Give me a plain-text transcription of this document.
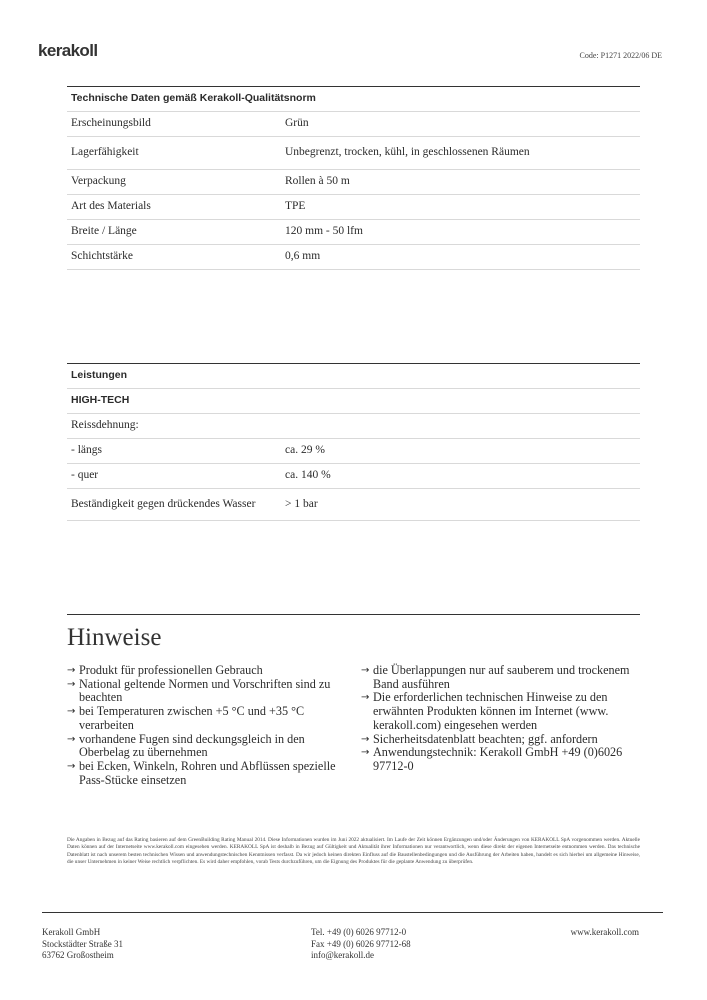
kerakoll	Code: P1271 2022/06 DE
Technische Daten gemäß Kerakoll-Qualitätsnorm	
Erscheinungsbild	Grün
Lagerfähigkeit	Unbegrenzt, trocken, kühl, in geschlossenen Räumen
Verpackung	Rollen à 50 m
Art des Materials	TPE
Breite / Länge	120 mm - 50 lfm
Schichtstärke	0,6 mm
Leistungen	
HIGH-TECH	
Reissdehnung:	
- längs	ca. 29 %
- quer	ca. 140 %
Beständigkeit gegen drückendes Wasser	> 1 bar
Hinweise
→ Produkt für professionellen Gebrauch
→ National geltende Normen und Vorschriften sind zu beachten
→ bei Temperaturen zwischen +5 °C und +35 °C verarbeiten
→ vorhandene Fugen sind deckungsgleich in den Oberbelag zu übernehmen
→ bei Ecken, Winkeln, Rohren und Abflüssen spezielle Pass-Stücke einsetzen
→ die Überlappungen nur auf sauberem und trockenem Band ausführen
→ Die erforderlichen technischen Hinweise zu den erwähnten Produkten können im Internet (www. kerakoll.com) eingesehen werden
→ Sicherheitsdatenblatt beachten; ggf. anfordern
→ Anwendungstechnik: Kerakoll GmbH +49 (0)6026 97712-0
Die Angaben in Bezug auf das Rating basieren auf dem GreenBuilding Rating Manual 2014. Diese Informationen wurden im Juni 2022 aktualisiert. Im Laufe der Zeit können Ergänzungen und/oder Änderungen von KERAKOLL SpA vorgenommen werden. Aktuelle Daten können auf der Internetseite www.kerakoll.com eingesehen werden. KERAKOLL SpA ist deshalb in Bezug auf Gültigkeit und Aktualität ihrer Informationen nur verantwortlich, wenn diese direkt der eigenen Internetseite entnommen werden. Das technische Datenblatt ist nach unserem besten technischen Wissen und anwendungstechnischen Kenntnissen verfasst. Da wir jedoch keinen direkten Einfluss auf die Baustellenbedingungen und die Ausführung der Arbeiten haben, handelt es sich hierbei um allgemeine Hinweise, die unser Unternehmen in keiner Weise rechtlich verpflichten. Es wird daher empfohlen, vorab Tests durchzuführen, um die Eignung des Produktes für die geplante Anwendung zu überprüfen.
Kerakoll GmbH
Stockstädter Straße 31
63762 Großostheim
Tel. +49 (0) 6026 97712-0
Fax +49 (0) 6026 97712-68
info@kerakoll.de
www.kerakoll.com
